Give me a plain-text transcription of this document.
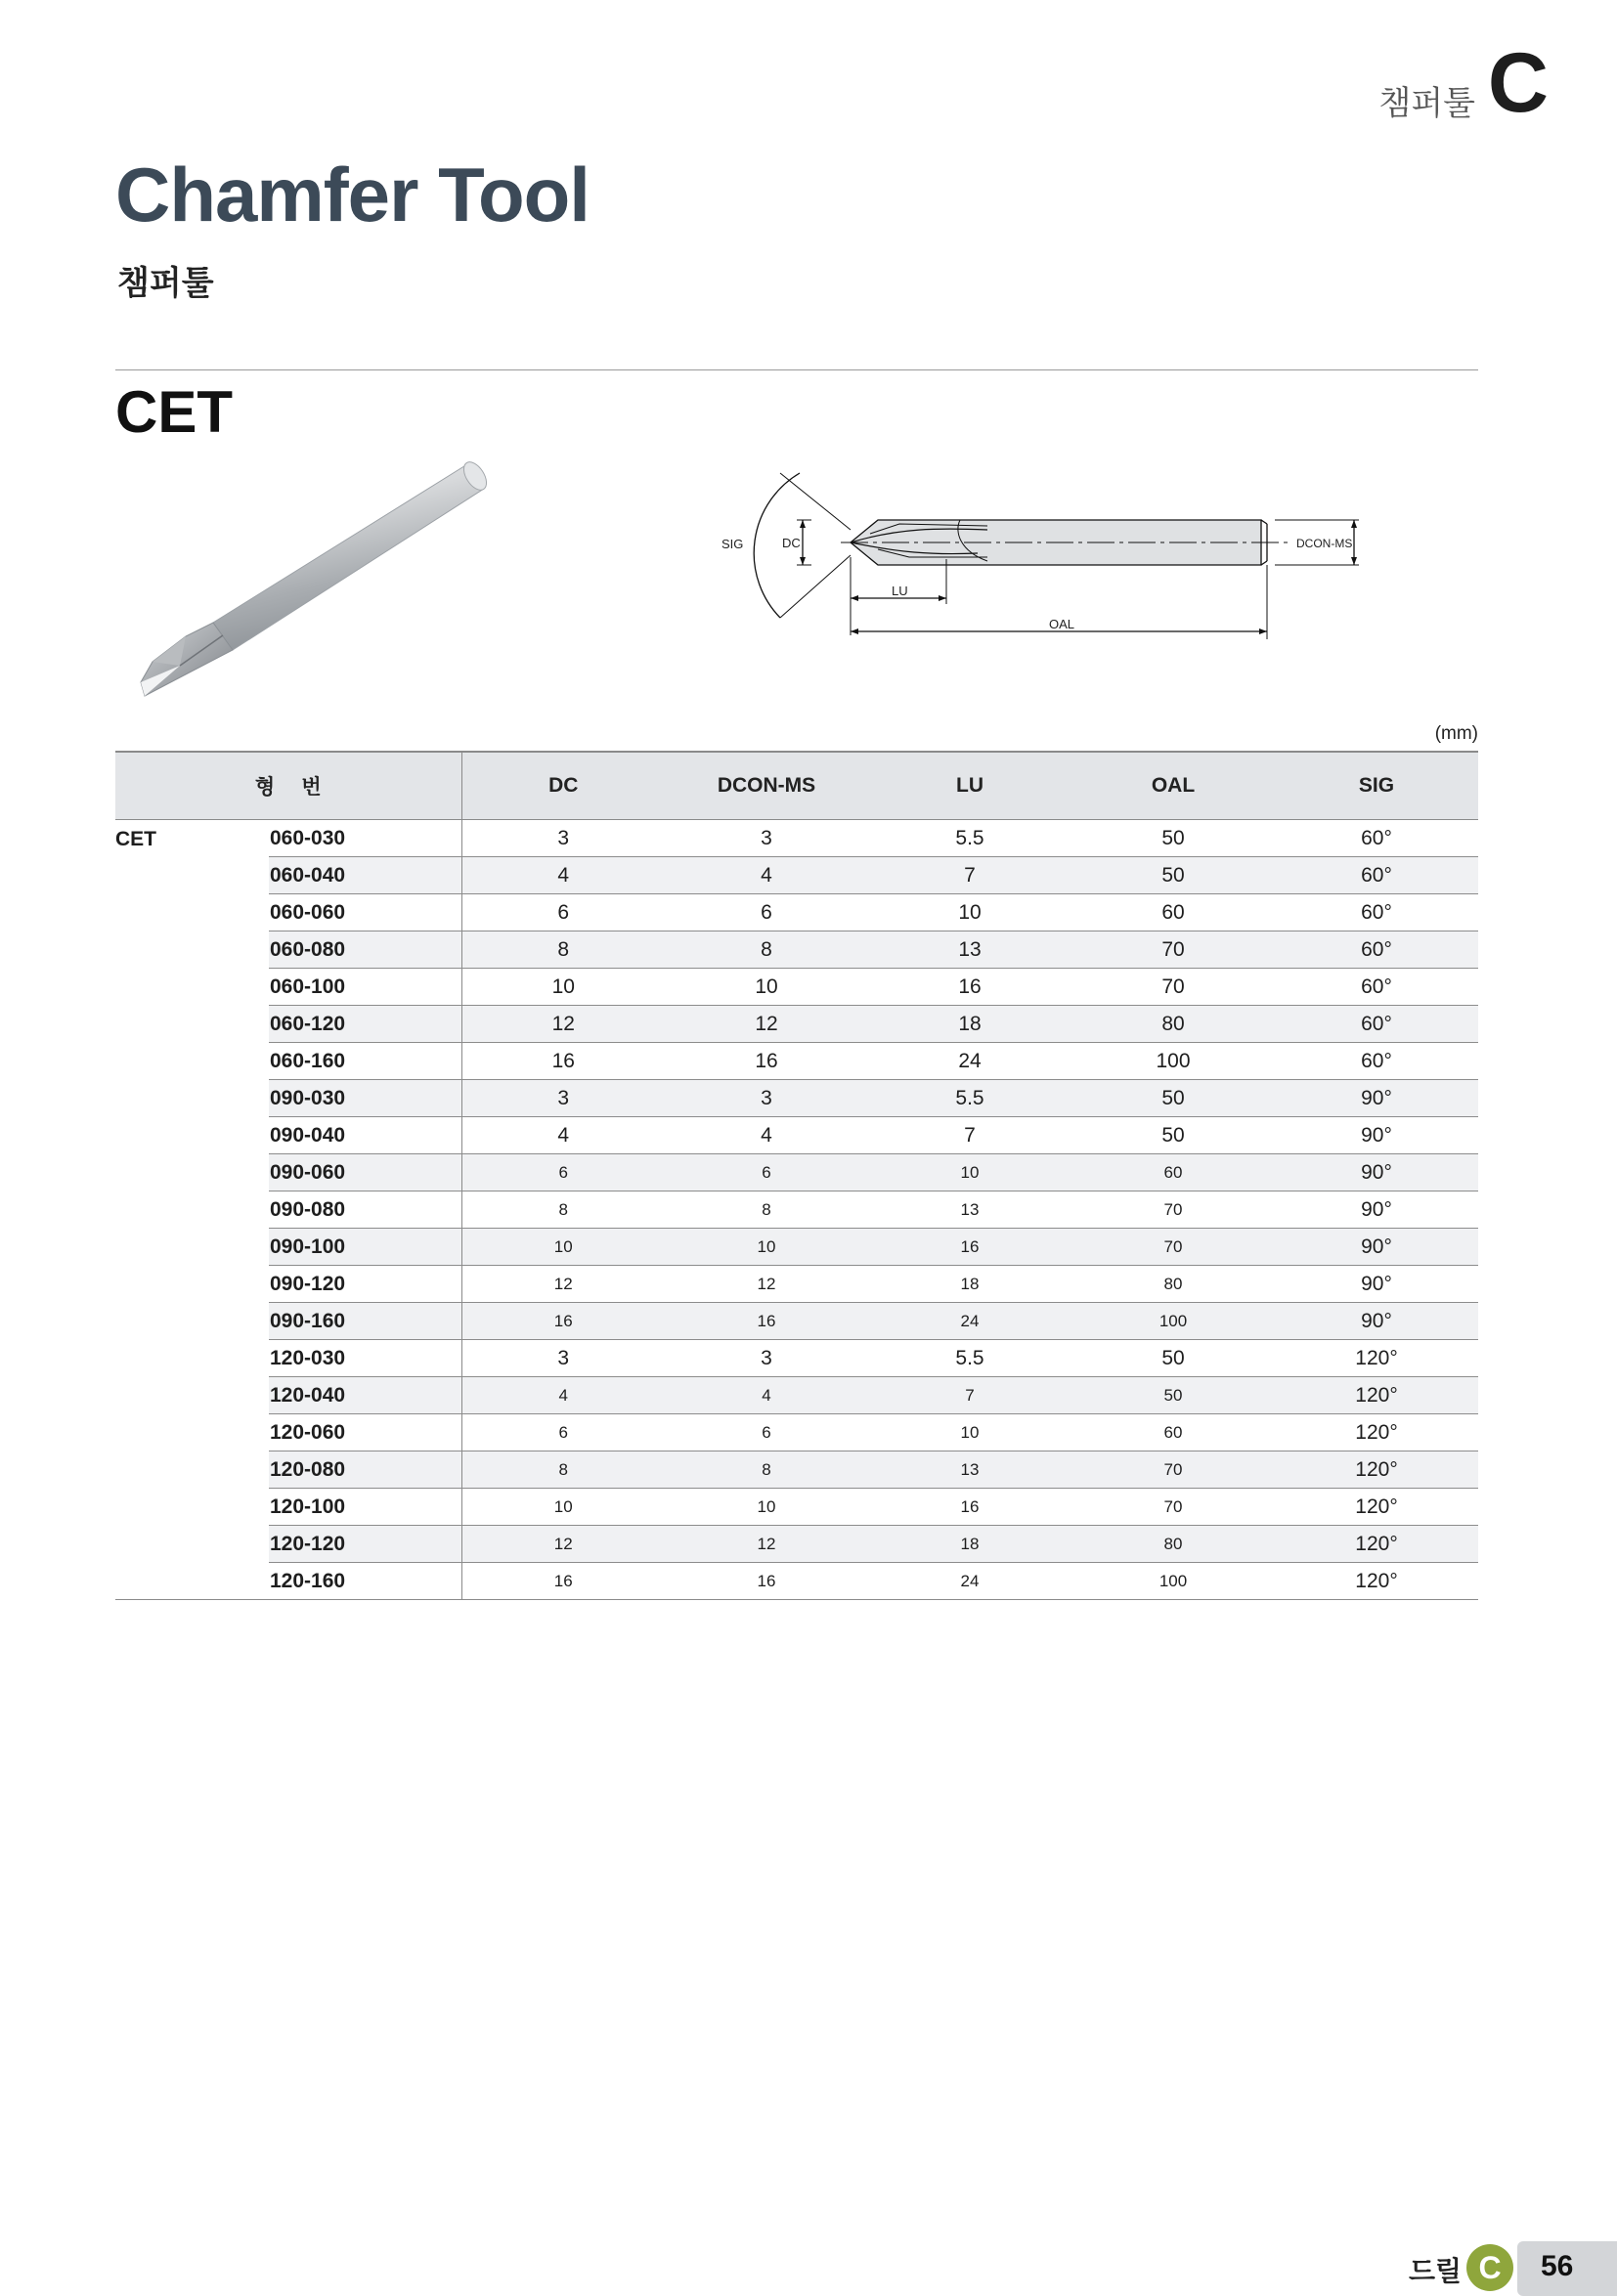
챔퍼툴 C
Chamfer Tool
챔퍼툴
CET
SIG	DC
LU
OAL
DCON-MS
(mm)
형 번		DC	DCON-MS	LU	OAL	SIG
CET	060-030	3	3	5.5	50	60°
	060-040	4	4	7	50	60°
	060-060	6	6	10	60	60°
	060-080	8	8	13	70	60°
	060-100	10	10	16	70	60°
	060-120	12	12	18	80	60°
	060-160	16	16	24	100	60°
	090-030	3	3	5.5	50	90°
	090-040	4	4	7	50	90°
	090-060	6	6	10	60	90°
	090-080	8	8	13	70	90°
	090-100	10	10	16	70	90°
	090-120	12	12	18	80	90°
	090-160	16	16	24	100	90°
	120-030	3	3	5.5	50	120°
	120-040	4	4	7	50	120°
	120-060	6	6	10	60	120°
	120-080	8	8	13	70	120°
	120-100	10	10	16	70	120°
	120-120	12	12	18	80	120°
	120-160	16	16	24	100	120°
드릴 C	56
